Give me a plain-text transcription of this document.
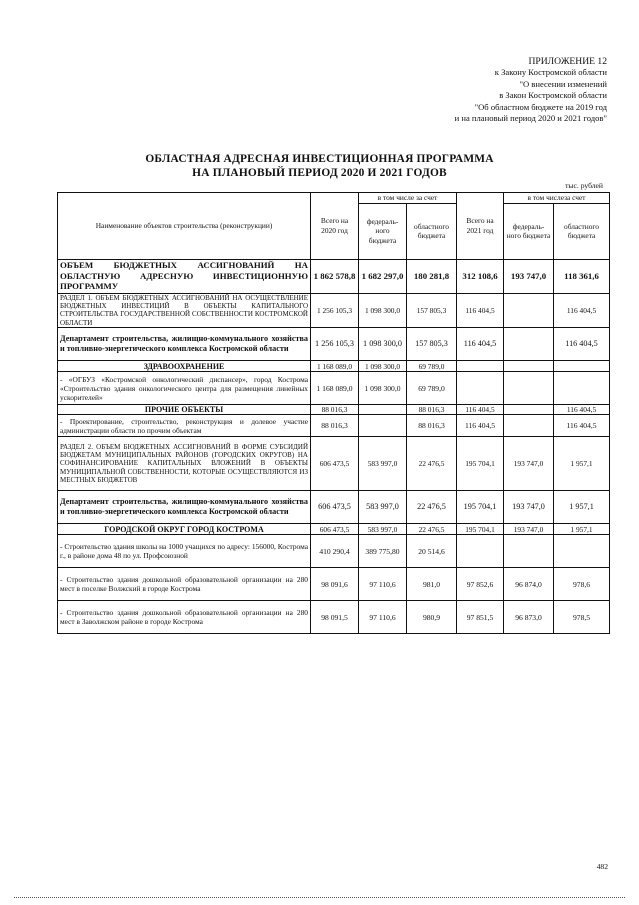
ПРИЛОЖЕНИЕ 12
к Закону Костромской области
"О внесении изменений
в Закон Костромской области
"Об областном бюджете на 2019 год
и на плановый период 2020 и 2021 годов"
ОБЛАСТНАЯ АДРЕСНАЯ ИНВЕСТИЦИОННАЯ ПРОГРАММА
НА ПЛАНОВЫЙ ПЕРИОД 2020 И 2021 ГОДОВ
тыс. рублей
Наименование объектов строительства (реконструкции)	Всего на 2020 год	в том числе за счет		Всего на 2021 год	в том числезa счет	
		федераль-ного бюджета	областного бюджета		федераль-ного бюджета	областного бюджета
ОБЪЕМ БЮДЖЕТНЫХ АССИГНОВАНИЙ НА ОБЛАСТНУЮ АДРЕСНУЮ ИНВЕСТИЦИОННУЮ ПРОГРАММУ	1 862 578,8	1 682 297,0	180 281,8	312 108,6	193 747,0	118 361,6
РАЗДЕЛ 1. ОБЪЕМ БЮДЖЕТНЫХ АССИГНОВАНИЙ НА ОСУЩЕСТВЛЕНИЕ БЮДЖЕТНЫХ ИНВЕСТИЦИЙ В ОБЪЕКТЫ КАПИТАЛЬНОГО СТРОИТЕЛЬСТВА ГОСУДАРСТВЕННОЙ СОБСТВЕННОСТИ КОСТРОМСКОЙ ОБЛАСТИ	1 256 105,3	1 098 300,0	157 805,3	116 404,5		116 404,5
Департамент строительства, жилищно-коммунального хозяйства и топливно-энергетического комплекса Костромской области	1 256 105,3	1 098 300,0	157 805,3	116 404,5		116 404,5
ЗДРАВООХРАНЕНИЕ	1 168 089,0	1 098 300,0	69 789,0			
- «ОГБУЗ «Костромской онкологический диспансер», город Кострома «Строительство здания онкологического центра для размещения линейных ускорителей»	1 168 089,0	1 098 300,0	69 789,0			
ПРОЧИЕ ОБЪЕКТЫ	88 016,3		88 016,3	116 404,5		116 404,5
- Проектирование, строительство, реконструкция и долевое участие администрации области по прочим объектам	88 016,3		88 016,3	116 404,5		116 404,5
РАЗДЕЛ 2. ОБЪЕМ БЮДЖЕТНЫХ АССИГНОВАНИЙ В ФОРМЕ СУБСИДИЙ БЮДЖЕТАМ МУНИЦИПАЛЬНЫХ РАЙОНОВ (ГОРОДСКИХ ОКРУГОВ) НА СОФИНАНСИРОВАНИЕ КАПИТАЛЬНЫХ ВЛОЖЕНИЙ В ОБЪЕКТЫ МУНИЦИПАЛЬНОЙ СОБСТВЕННОСТИ, КОТОРЫЕ ОСУЩЕСТВЛЯЮТСЯ ИЗ МЕСТНЫХ БЮДЖЕТОВ	606 473,5	583 997,0	22 476,5	195 704,1	193 747,0	1 957,1
Департамент строительства, жилищно-коммунального хозяйства и топливно-энергетического комплекса Костромской области	606 473,5	583 997,0	22 476,5	195 704,1	193 747,0	1 957,1
ГОРОДСКОЙ ОКРУГ ГОРОД КОСТРОМА	606 473,5	583 997,0	22 476,5	195 704,1	193 747,0	1 957,1
- Строительство здания школы на 1000 учащихся по адресу: 156000, Кострома г., в районе дома 48 по ул. Профсоюзной	410 290,4	389 775,80	20 514,6			
- Строительство здания дошкольной образовательной организации на 280 мест в поселке Волжский в городе Кострома	98 091,6	97 110,6	981,0	97 852,6	96 874,0	978,6
- Строительство здания дошкольной образовательной организации на 280 мест в Заволжском районе в городе Кострома	98 091,5	97 110,6	980,9	97 851,5	96 873,0	978,5
482
